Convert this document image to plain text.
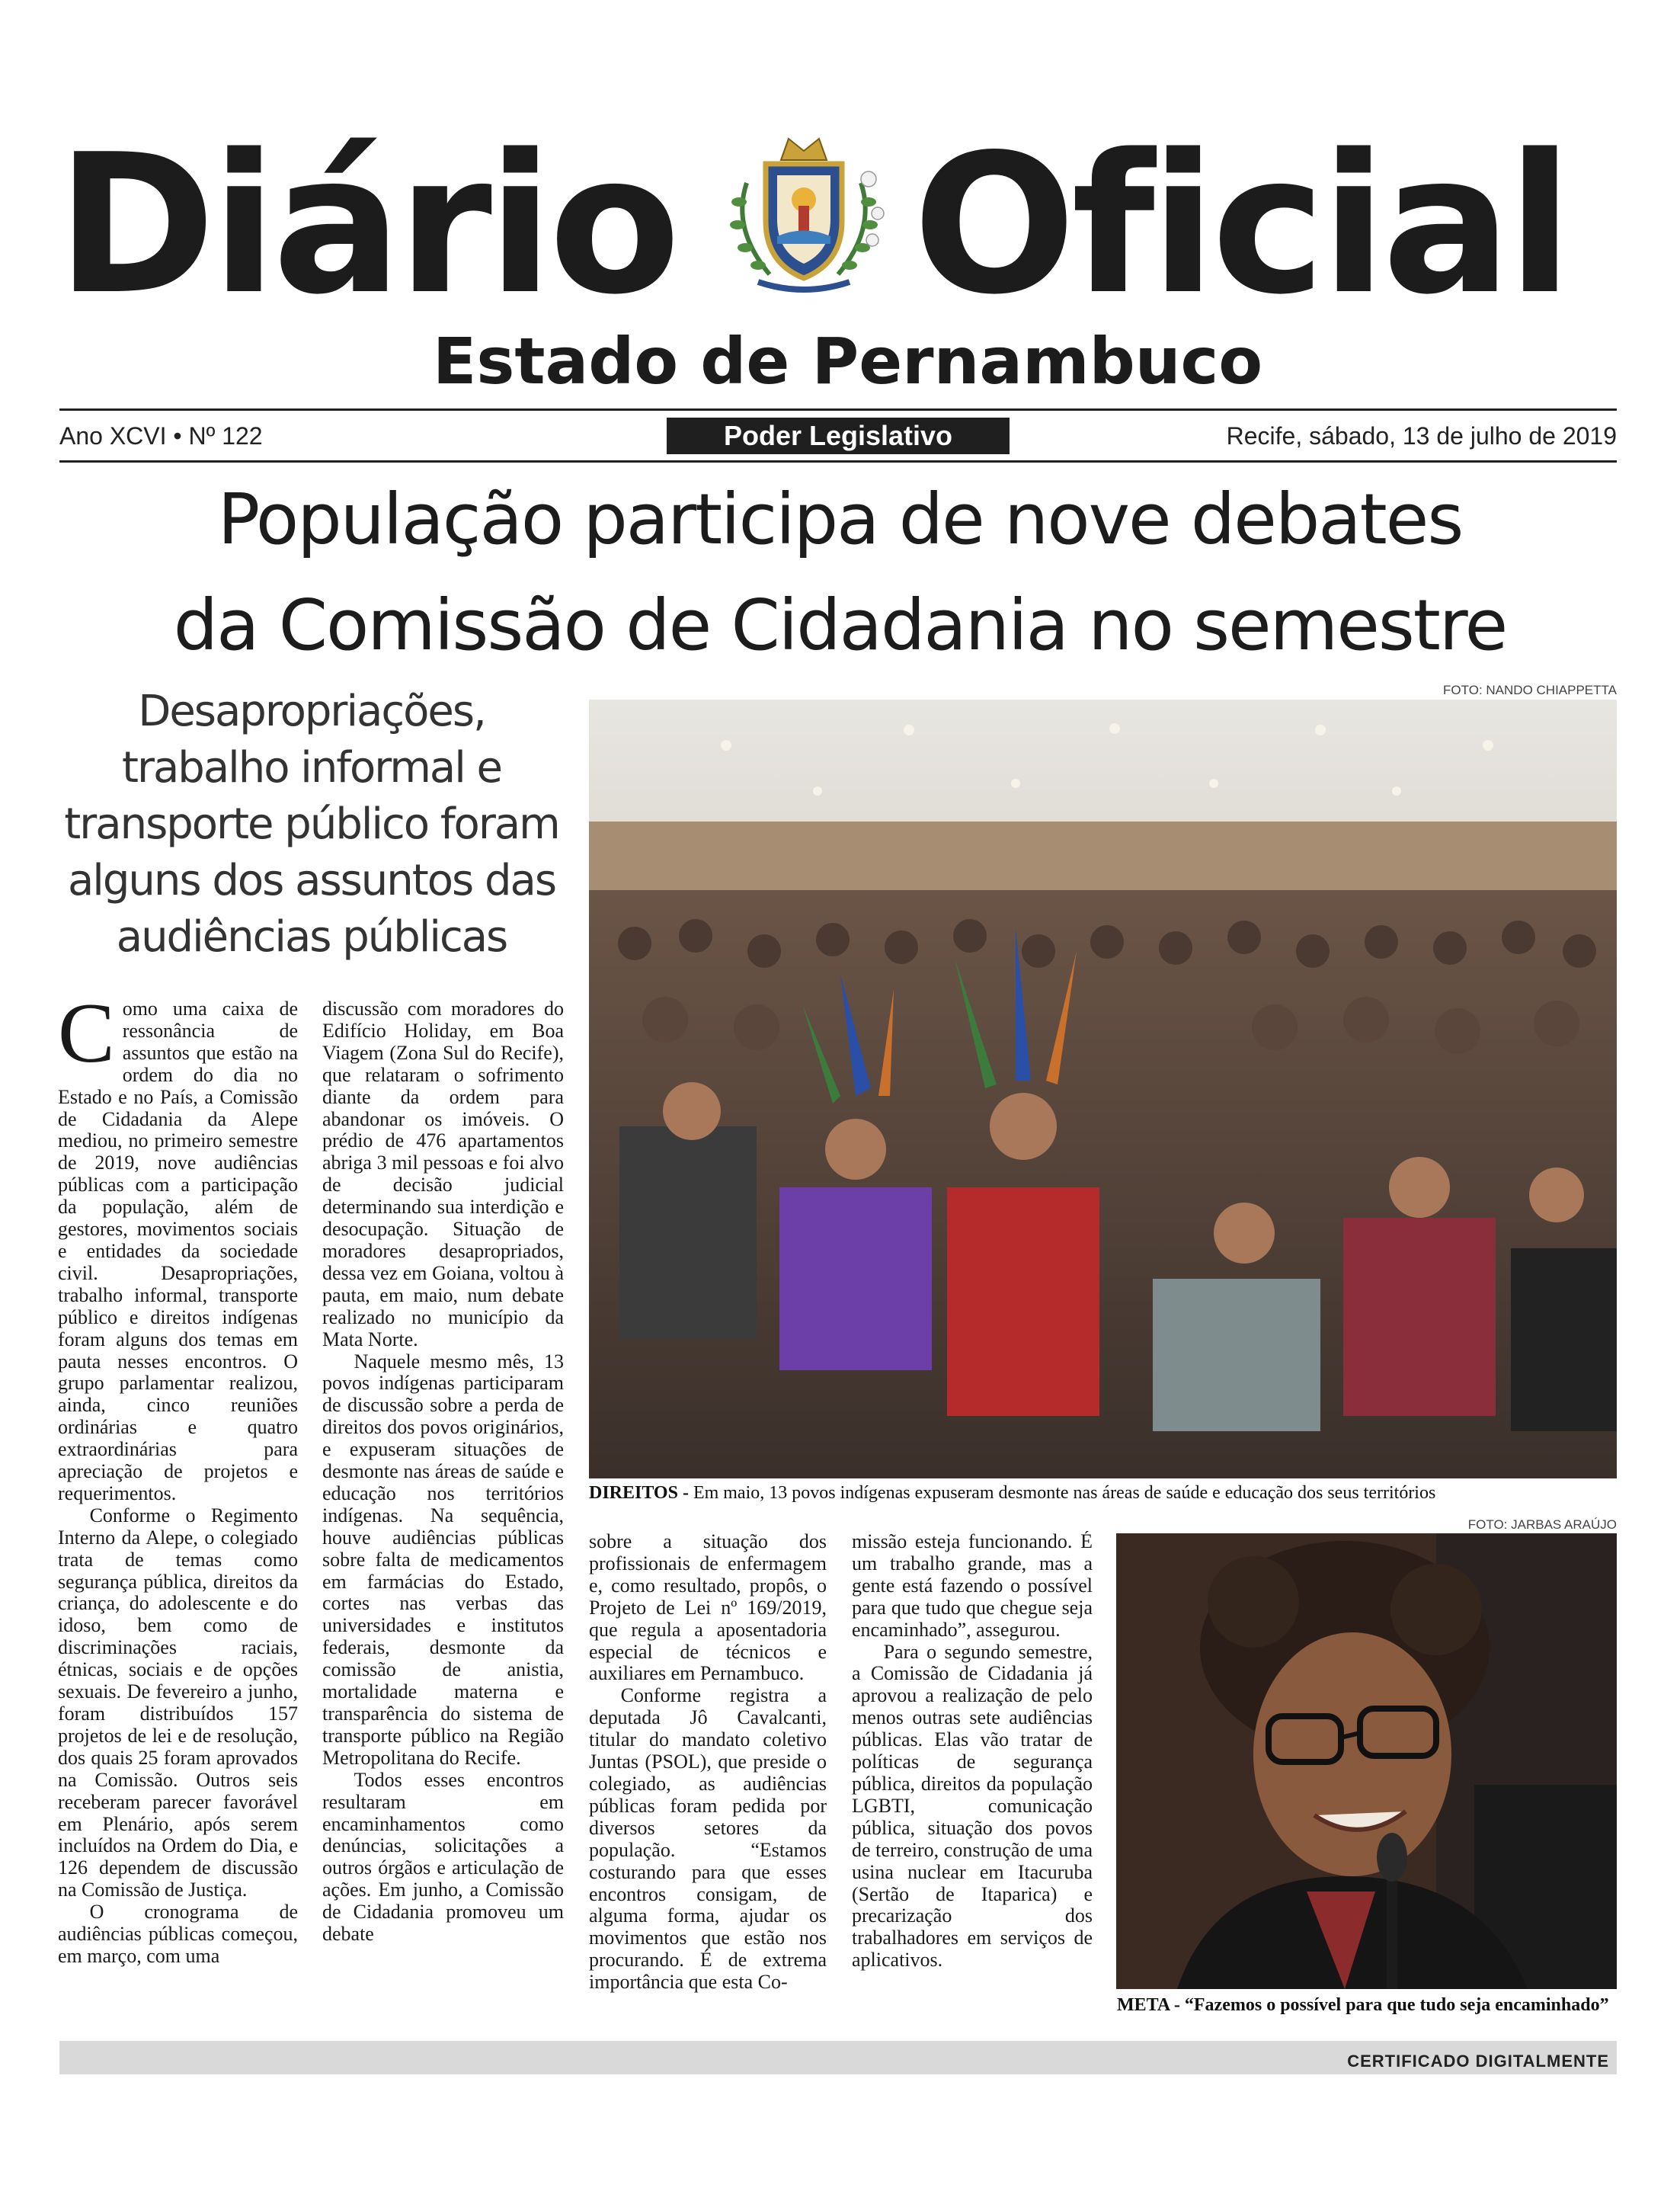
Diário Oficial
Estado de Pernambuco
Ano XCVI • Nº 122	Poder Legislativo	Recife, sábado, 13 de julho de 2019
População participa de nove debates
da Comissão de Cidadania no semestre
Desapropriações, trabalho informal e transporte público foram alguns dos assuntos das audiências públicas
FOTO: NANDO CHIAPPETTA
DIREITOS - Em maio, 13 povos indígenas expuseram desmonte nas áreas de saúde e educação dos seus territórios

Como uma caixa de ressonância de assuntos que estão na ordem do dia no Estado e no País, a Comissão de Cidadania da Alepe mediou, no primeiro semestre de 2019, nove audiências públicas com a participação da população, além de gestores, movimentos sociais e entidades da sociedade civil. Desapropriações, trabalho informal, transporte público e direitos indígenas foram alguns dos temas em pauta nesses encontros. O grupo parlamentar realizou, ainda, cinco reuniões ordinárias e quatro extraordinárias para apreciação de projetos e requerimentos.

Conforme o Regimento Interno da Alepe, o colegiado trata de temas como segurança pública, direitos da criança, do adolescente e do idoso, bem como de discriminações raciais, étnicas, sociais e de opções sexuais. De fevereiro a junho, foram distribuídos 157 projetos de lei e de resolução, dos quais 25 foram aprovados na Comissão. Outros seis receberam parecer favorável em Plenário, após serem incluídos na Ordem do Dia, e 126 dependem de discussão na Comissão de Justiça.

O cronograma de audiências públicas começou, em março, com uma

discussão com moradores do Edifício Holiday, em Boa Viagem (Zona Sul do Recife), que relataram o sofrimento diante da ordem para abandonar os imóveis. O prédio de 476 apartamentos abriga 3 mil pessoas e foi alvo de decisão judicial determinando sua interdição e desocupação. Situação de moradores desapropriados, dessa vez em Goiana, voltou à pauta, em maio, num debate realizado no município da Mata Norte.

Naquele mesmo mês, 13 povos indígenas participaram de discussão sobre a perda de direitos dos povos originários, e expuseram situações de desmonte nas áreas de saúde e educação nos territórios indígenas. Na sequência, houve audiências públicas sobre falta de medicamentos em farmácias do Estado, cortes nas verbas das universidades e institutos federais, desmonte da comissão de anistia, mortalidade materna e transparência do sistema de transporte público na Região Metropolitana do Recife.

Todos esses encontros resultaram em encaminhamentos como denúncias, solicitações a outros órgãos e articulação de ações. Em junho, a Comissão de Cidadania promoveu um debate

sobre a situação dos profissionais de enfermagem e, como resultado, propôs, o Projeto de Lei nº 169/2019, que regula a aposentadoria especial de técnicos e auxiliares em Pernambuco.

Conforme registra a deputada Jô Cavalcanti, titular do mandato coletivo Juntas (PSOL), que preside o colegiado, as audiências públicas foram pedida por diversos setores da população. “Estamos costurando para que esses encontros consigam, de alguma forma, ajudar os movimentos que estão nos procurando. É de extrema importância que esta Co-

missão esteja funcionando. É um trabalho grande, mas a gente está fazendo o possível para que tudo que chegue seja encaminhado”, assegurou.

Para o segundo semestre, a Comissão de Cidadania já aprovou a realização de pelo menos outras sete audiências públicas. Elas vão tratar de políticas de segurança pública, direitos da população LGBTI, comunicação pública, situação dos povos de terreiro, construção de uma usina nuclear em Itacuruba (Sertão de Itaparica) e precarização dos trabalhadores em serviços de aplicativos.

FOTO: JARBAS ARAÚJO
META - “Fazemos o possível para que tudo seja encaminhado”
CERTIFICADO DIGITALMENTE
